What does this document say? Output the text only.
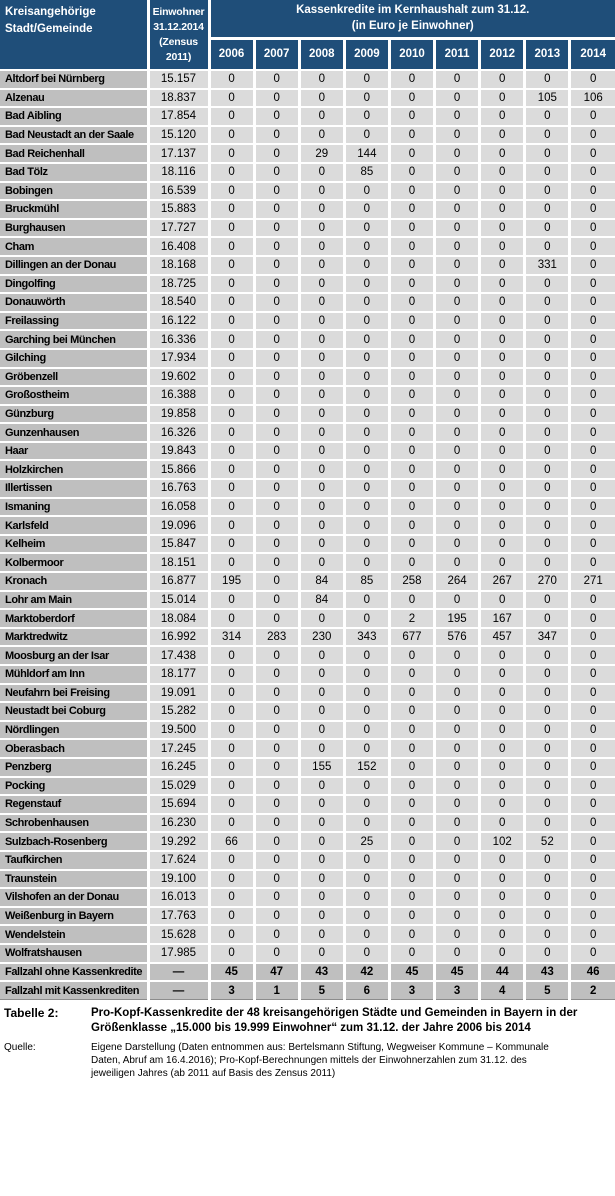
Kreisangehörige
Stadt/Gemeinde

Einwohner
31.12.2014
(Zensus
2011)

Kassenkredite im Kernhaushalt zum 31.12.
(in Euro je Einwohner)

		2006	2007	2008	2009	2010	2011	2012	2013	2014
Altdorf bei Nürnberg	15.157	0	0	0	0	0	0	0	0	0
Alzenau	18.837	0	0	0	0	0	0	0	105	106
Bad Aibling	17.854	0	0	0	0	0	0	0	0	0
Bad Neustadt an der Saale	15.120	0	0	0	0	0	0	0	0	0
Bad Reichenhall	17.137	0	0	29	144	0	0	0	0	0
Bad Tölz	18.116	0	0	0	85	0	0	0	0	0
Bobingen	16.539	0	0	0	0	0	0	0	0	0
Bruckmühl	15.883	0	0	0	0	0	0	0	0	0
Burghausen	17.727	0	0	0	0	0	0	0	0	0
Cham	16.408	0	0	0	0	0	0	0	0	0
Dillingen an der Donau	18.168	0	0	0	0	0	0	0	331	0
Dingolfing	18.725	0	0	0	0	0	0	0	0	0
Donauwörth	18.540	0	0	0	0	0	0	0	0	0
Freilassing	16.122	0	0	0	0	0	0	0	0	0
Garching bei München	16.336	0	0	0	0	0	0	0	0	0
Gilching	17.934	0	0	0	0	0	0	0	0	0
Gröbenzell	19.602	0	0	0	0	0	0	0	0	0
Großostheim	16.388	0	0	0	0	0	0	0	0	0
Günzburg	19.858	0	0	0	0	0	0	0	0	0
Gunzenhausen	16.326	0	0	0	0	0	0	0	0	0
Haar	19.843	0	0	0	0	0	0	0	0	0
Holzkirchen	15.866	0	0	0	0	0	0	0	0	0
Illertissen	16.763	0	0	0	0	0	0	0	0	0
Ismaning	16.058	0	0	0	0	0	0	0	0	0
Karlsfeld	19.096	0	0	0	0	0	0	0	0	0
Kelheim	15.847	0	0	0	0	0	0	0	0	0
Kolbermoor	18.151	0	0	0	0	0	0	0	0	0
Kronach	16.877	195	0	84	85	258	264	267	270	271
Lohr am Main	15.014	0	0	84	0	0	0	0	0	0
Marktoberdorf	18.084	0	0	0	0	2	195	167	0	0
Marktredwitz	16.992	314	283	230	343	677	576	457	347	0
Moosburg an der Isar	17.438	0	0	0	0	0	0	0	0	0
Mühldorf am Inn	18.177	0	0	0	0	0	0	0	0	0
Neufahrn bei Freising	19.091	0	0	0	0	0	0	0	0	0
Neustadt bei Coburg	15.282	0	0	0	0	0	0	0	0	0
Nördlingen	19.500	0	0	0	0	0	0	0	0	0
Oberasbach	17.245	0	0	0	0	0	0	0	0	0
Penzberg	16.245	0	0	155	152	0	0	0	0	0
Pocking	15.029	0	0	0	0	0	0	0	0	0
Regenstauf	15.694	0	0	0	0	0	0	0	0	0
Schrobenhausen	16.230	0	0	0	0	0	0	0	0	0
Sulzbach-Rosenberg	19.292	66	0	0	25	0	0	102	52	0
Taufkirchen	17.624	0	0	0	0	0	0	0	0	0
Traunstein	19.100	0	0	0	0	0	0	0	0	0
Vilshofen an der Donau	16.013	0	0	0	0	0	0	0	0	0
Weißenburg in Bayern	17.763	0	0	0	0	0	0	0	0	0
Wendelstein	15.628	0	0	0	0	0	0	0	0	0
Wolfratshausen	17.985	0	0	0	0	0	0	0	0	0
Fallzahl ohne Kassenkredite	—	45	47	43	42	45	45	44	43	46
Fallzahl mit Kassenkrediten	—	3	1	5	6	3	3	4	5	2
Tabelle 2:	Pro-Kopf-Kassenkredite der 48 kreisangehörigen Städte und Gemeinden in Bayern in der Größenklasse „15.000 bis 19.999 Einwohner“ zum 31.12. der Jahre 2006 bis 2014
Quelle:	Eigene Darstellung (Daten entnommen aus: Bertelsmann Stiftung, Wegweiser Kommune – Kommunale Daten, Abruf am 16.4.2016); Pro-Kopf-Berechnungen mittels der Einwohnerzahlen zum 31.12. des jeweiligen Jahres (ab 2011 auf Basis des Zensus 2011)
